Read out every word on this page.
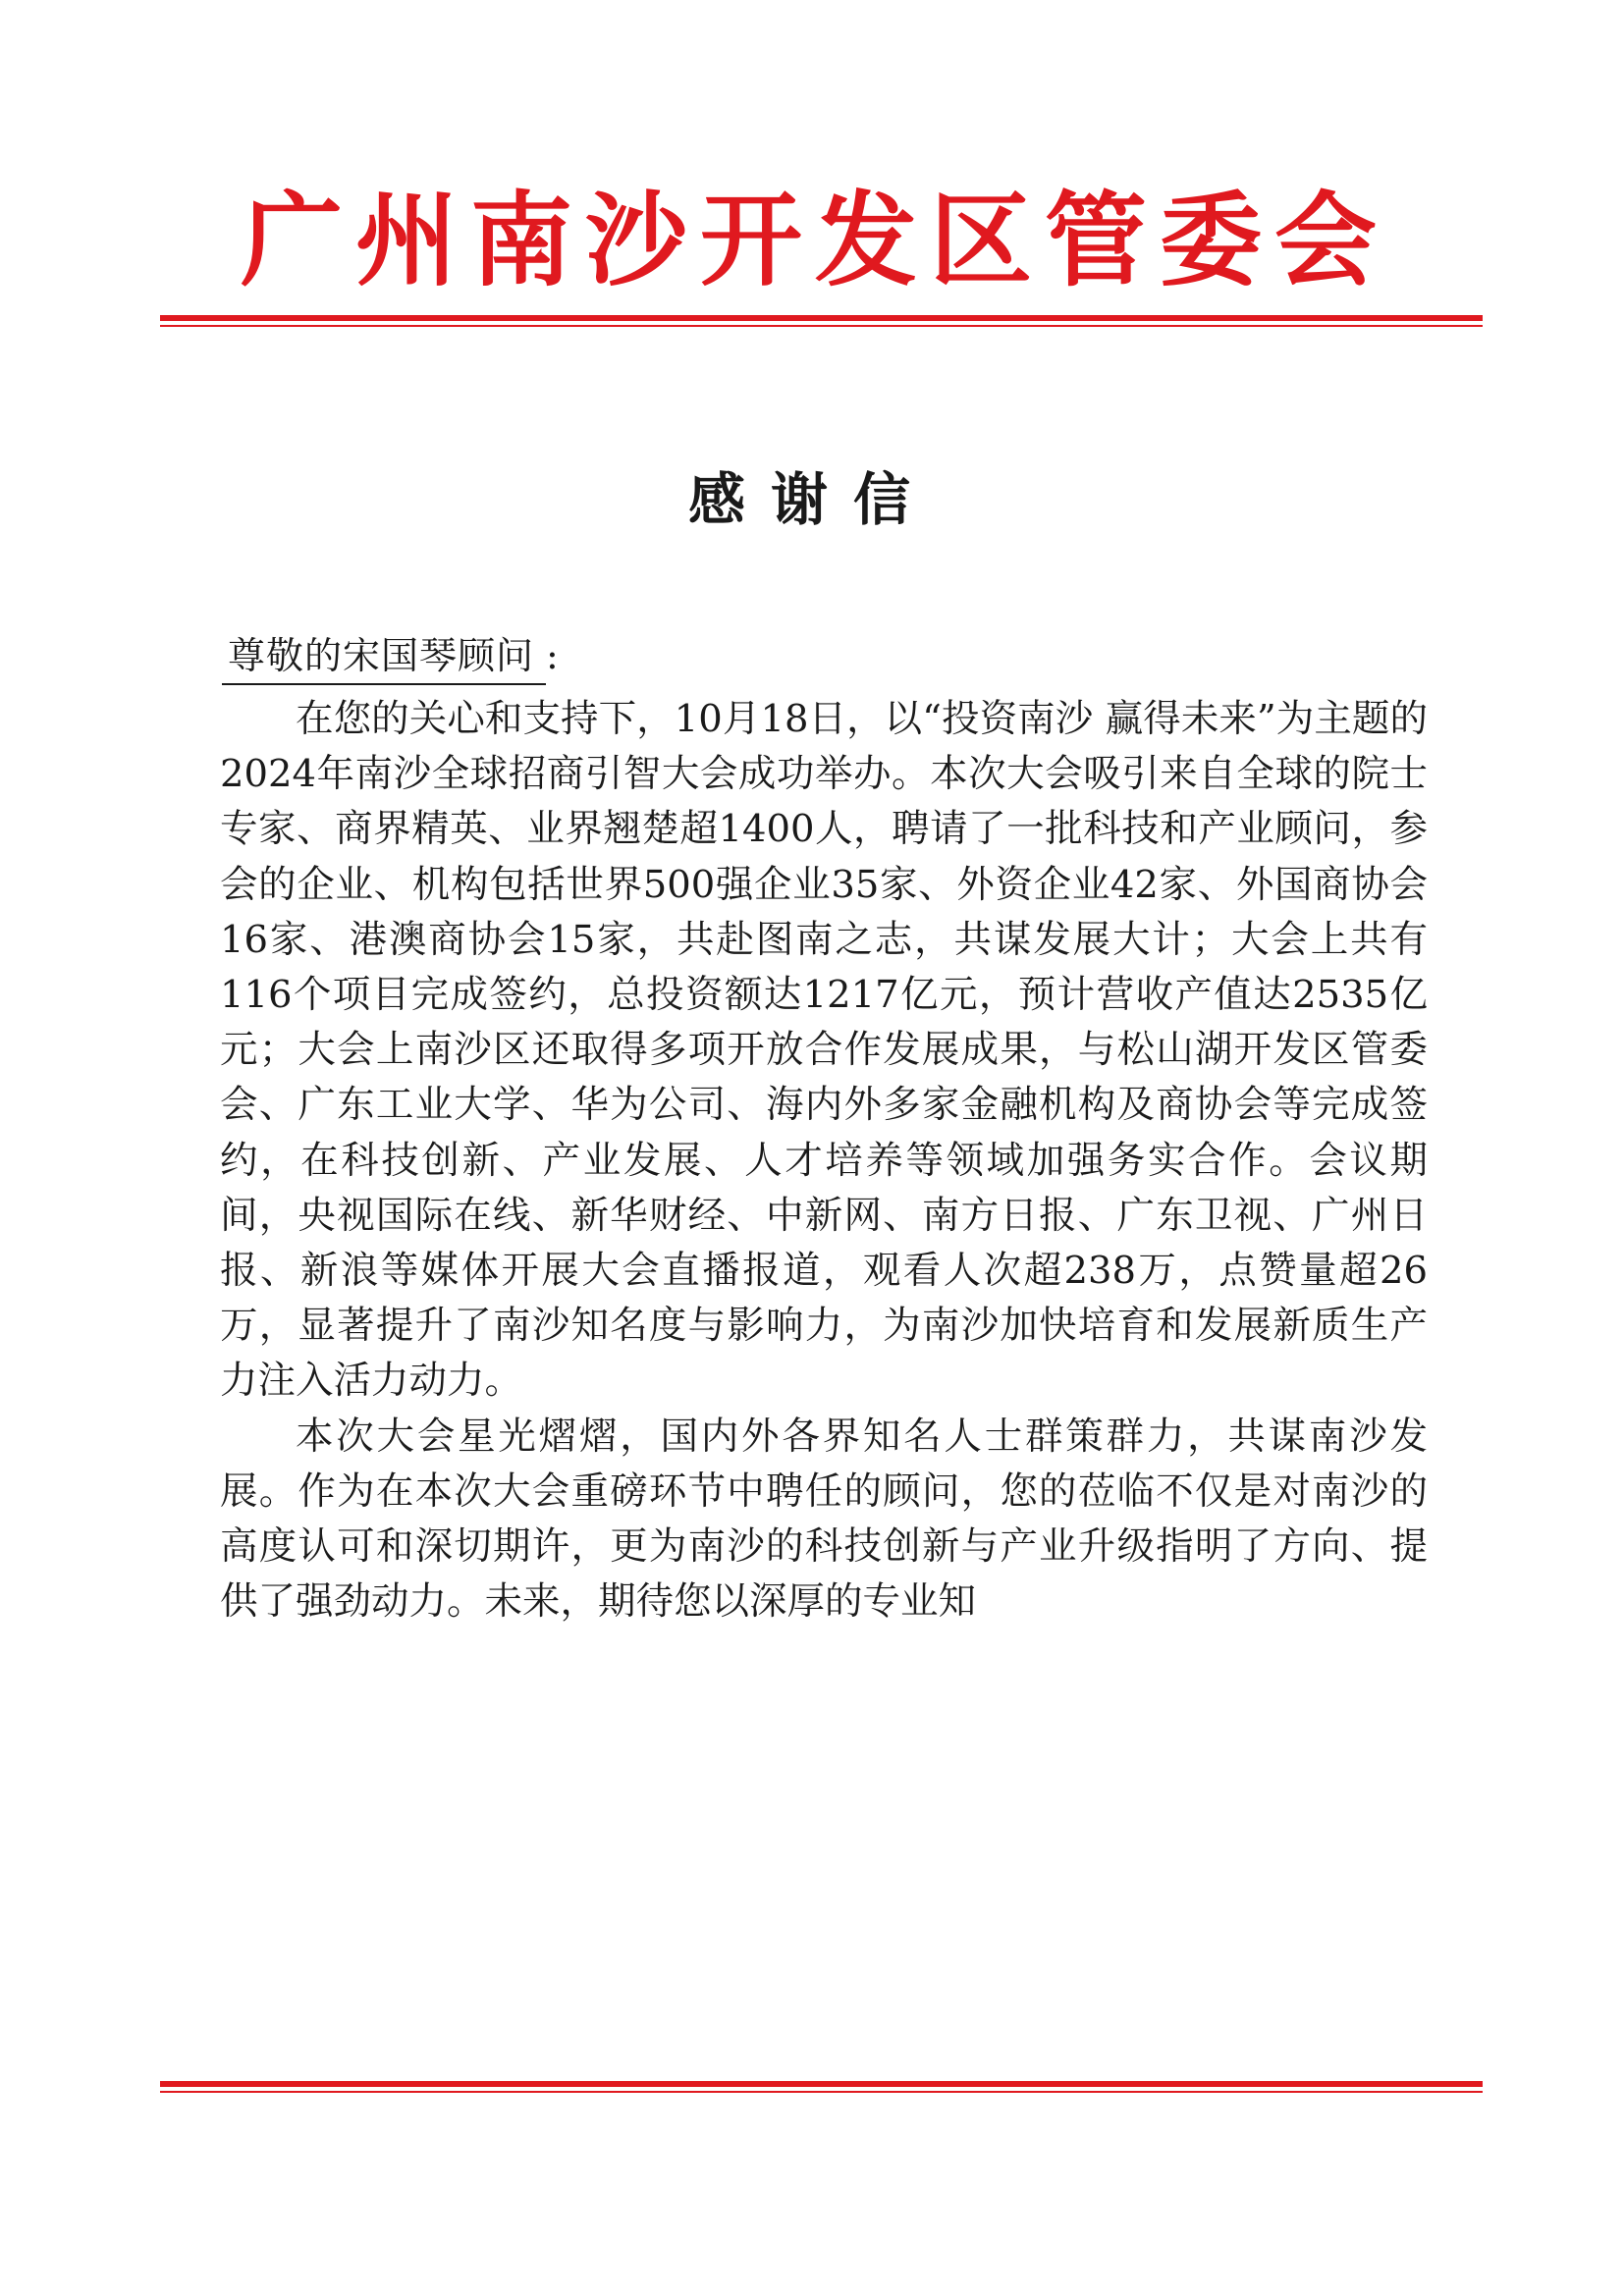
广州南沙开发区管委会
感谢信
尊敬的宋国琴顾问 :

在您的关心和支持下，10月18日，以“投资南沙 赢得未来”为主题的2024年南沙全球招商引智大会成功举办。本次大会吸引来自全球的院士专家、商界精英、业界翘楚超1400人，聘请了一批科技和产业顾问，参会的企业、机构包括世界500强企业35家、外资企业42家、外国商协会16家、港澳商协会15家，共赴图南之志，共谋发展大计；大会上共有116个项目完成签约，总投资额达1217亿元，预计营收产值达2535亿元；大会上南沙区还取得多项开放合作发展成果，与松山湖开发区管委会、广东工业大学、华为公司、海内外多家金融机构及商协会等完成签约，在科技创新、产业发展、人才培养等领域加强务实合作。会议期间，央视国际在线、新华财经、中新网、南方日报、广东卫视、广州日报、新浪等媒体开展大会直播报道，观看人次超238万，点赞量超26万，显著提升了南沙知名度与影响力，为南沙加快培育和发展新质生产力注入活力动力。

本次大会星光熠熠，国内外各界知名人士群策群力，共谋南沙发展。作为在本次大会重磅环节中聘任的顾问，您的莅临不仅是对南沙的高度认可和深切期许，更为南沙的科技创新与产业升级指明了方向、提供了强劲动力。未来，期待您以深厚的专业知
